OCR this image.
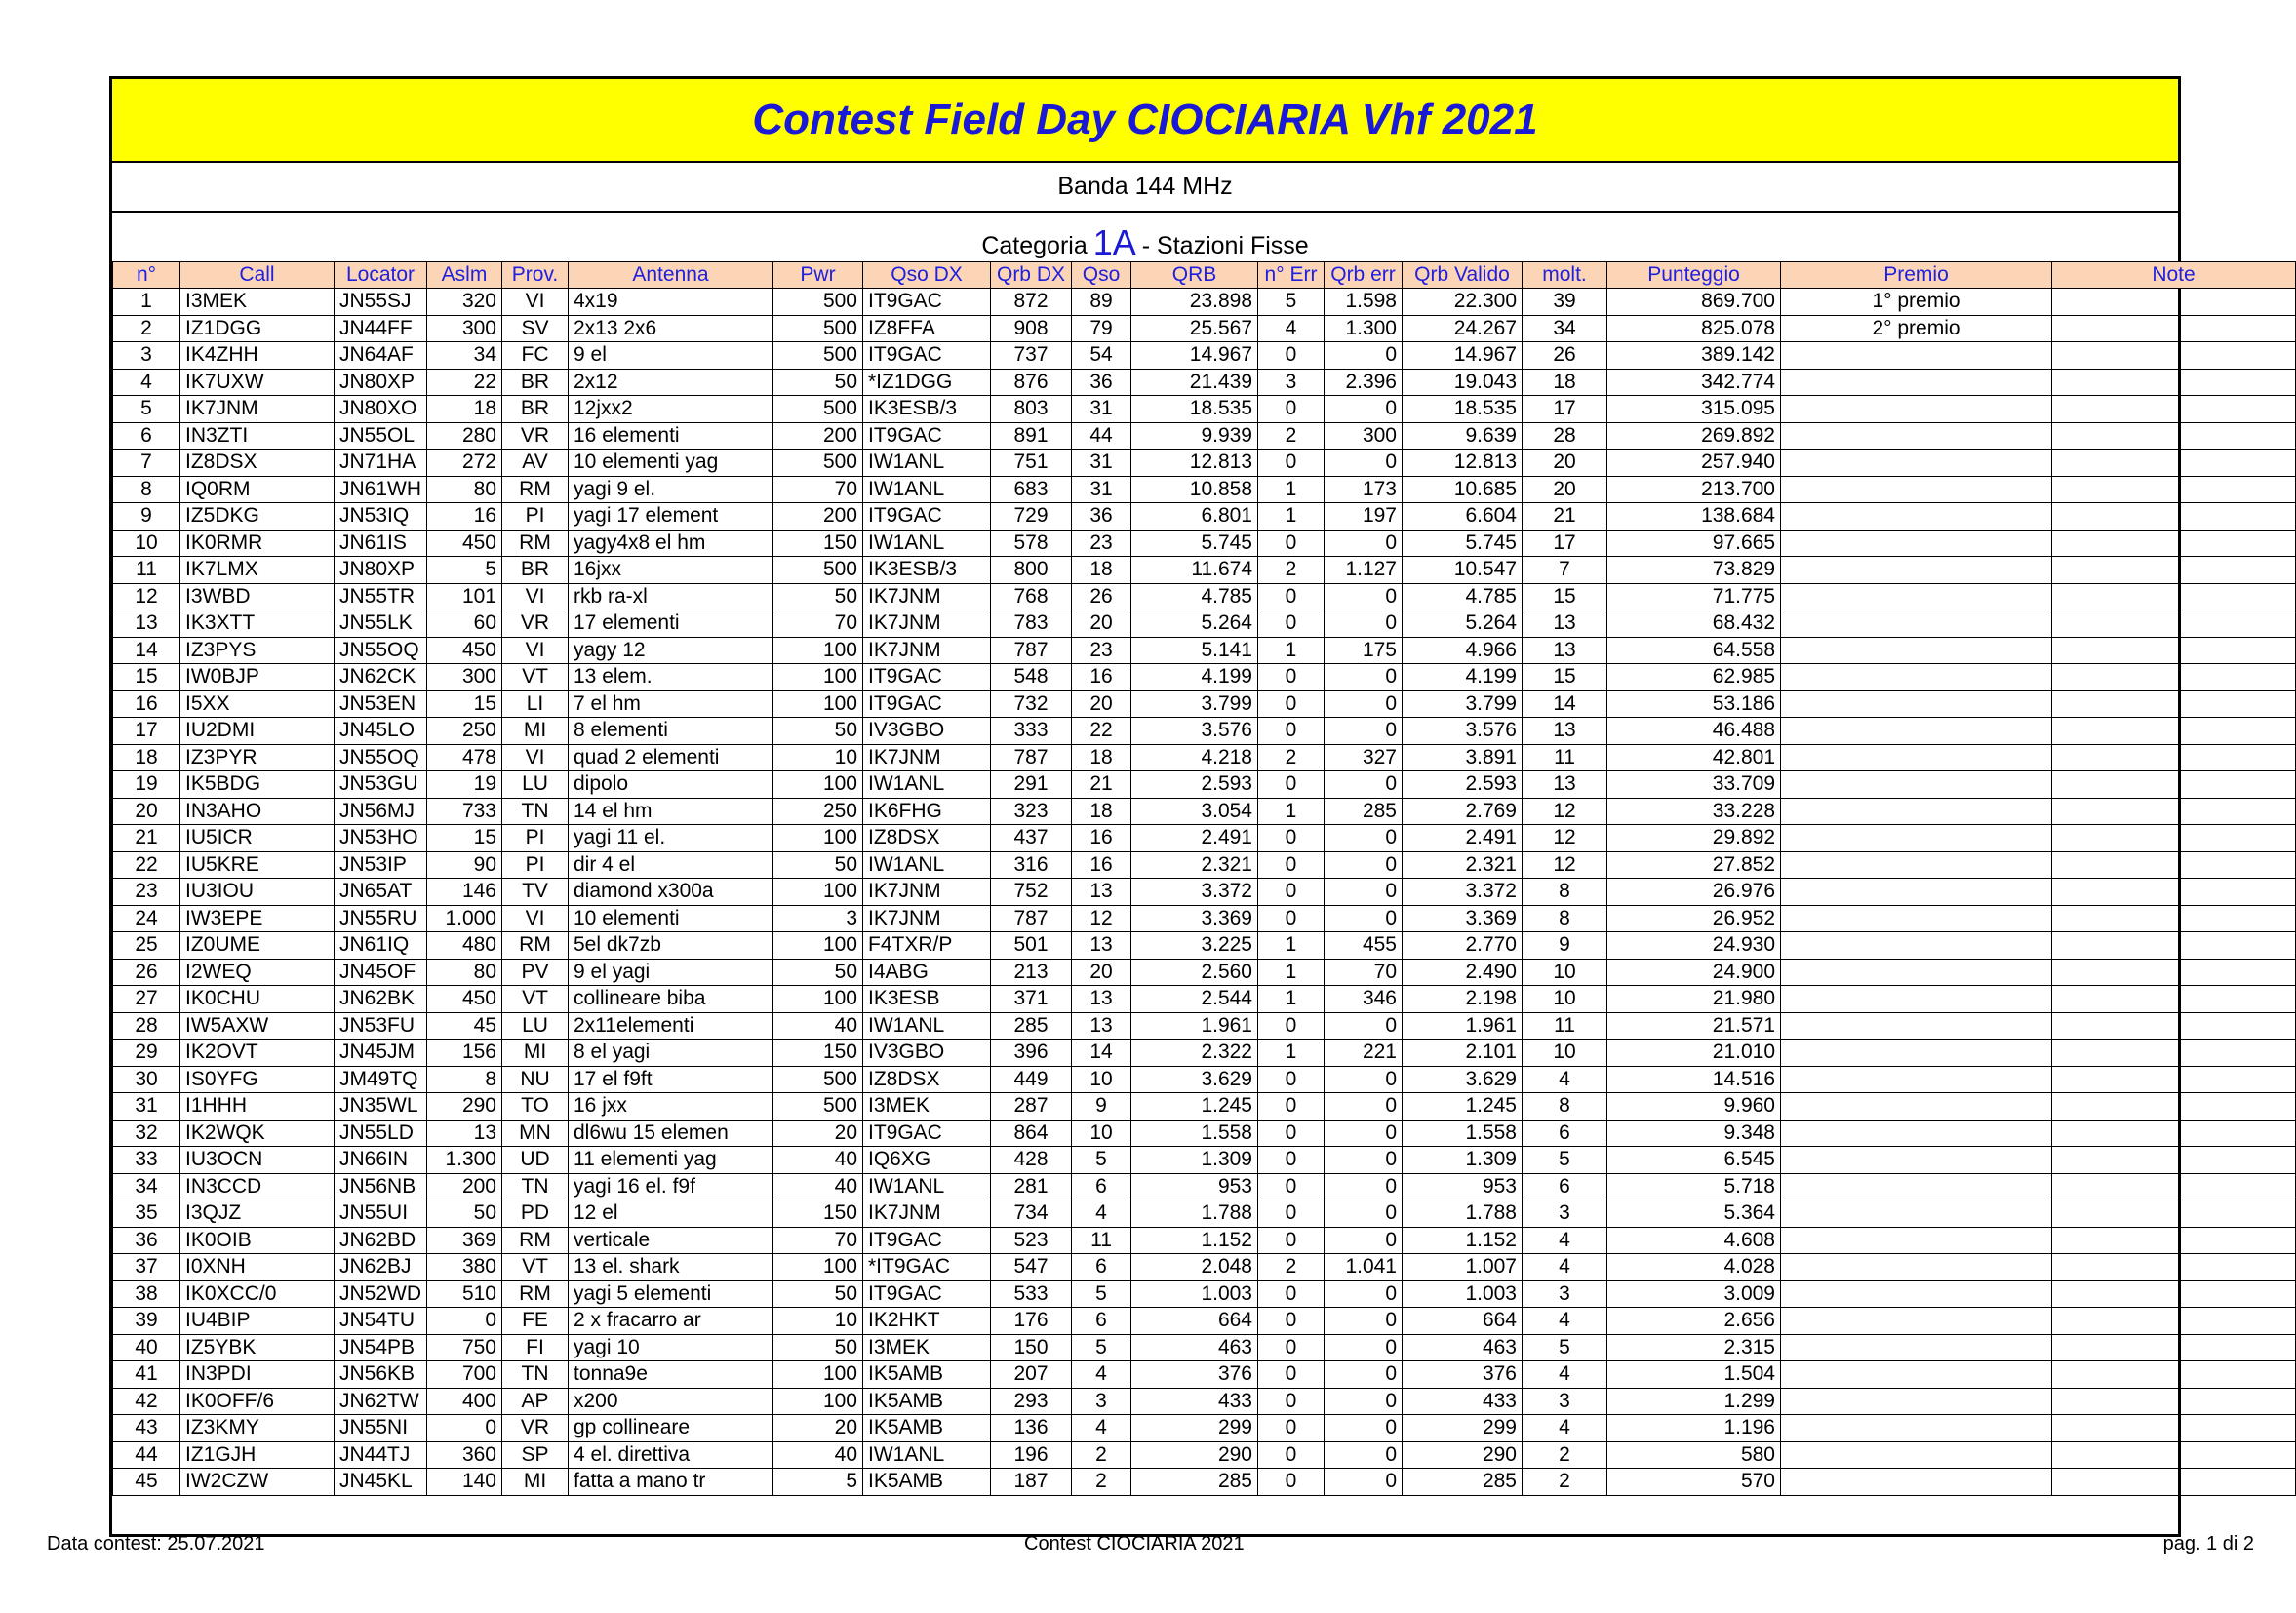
Contest Field Day CIOCIARIA Vhf 2021
Banda 144 MHz
Categoria 1A - Stazioni Fisse
n°	Call	Locator	Aslm	Prov.	Antenna	Pwr	Qso DX	Qrb DX	Qso	QRB	n° Err	Qrb err	Qrb Valido	molt.	Punteggio	Premio	Note
1	I3MEK	JN55SJ	320	VI	4x19	500	IT9GAC	872	89	23.898	5	1.598	22.300	39	869.700	1° premio	
2	IZ1DGG	JN44FF	300	SV	2x13 2x6	500	IZ8FFA	908	79	25.567	4	1.300	24.267	34	825.078	2° premio	
3	IK4ZHH	JN64AF	34	FC	9 el	500	IT9GAC	737	54	14.967	0	0	14.967	26	389.142		
4	IK7UXW	JN80XP	22	BR	2x12	50	*IZ1DGG	876	36	21.439	3	2.396	19.043	18	342.774		
5	IK7JNM	JN80XO	18	BR	12jxx2	500	IK3ESB/3	803	31	18.535	0	0	18.535	17	315.095		
6	IN3ZTI	JN55OL	280	VR	16 elementi	200	IT9GAC	891	44	9.939	2	300	9.639	28	269.892		
7	IZ8DSX	JN71HA	272	AV	10 elementi yag	500	IW1ANL	751	31	12.813	0	0	12.813	20	257.940		
8	IQ0RM	JN61WH	80	RM	yagi 9 el.	70	IW1ANL	683	31	10.858	1	173	10.685	20	213.700		
9	IZ5DKG	JN53IQ	16	PI	yagi 17 element	200	IT9GAC	729	36	6.801	1	197	6.604	21	138.684		
10	IK0RMR	JN61IS	450	RM	yagy4x8 el hm	150	IW1ANL	578	23	5.745	0	0	5.745	17	97.665		
11	IK7LMX	JN80XP	5	BR	16jxx	500	IK3ESB/3	800	18	11.674	2	1.127	10.547	7	73.829		
12	I3WBD	JN55TR	101	VI	rkb ra-xl	50	IK7JNM	768	26	4.785	0	0	4.785	15	71.775		
13	IK3XTT	JN55LK	60	VR	17 elementi	70	IK7JNM	783	20	5.264	0	0	5.264	13	68.432		
14	IZ3PYS	JN55OQ	450	VI	yagy 12	100	IK7JNM	787	23	5.141	1	175	4.966	13	64.558		
15	IW0BJP	JN62CK	300	VT	13 elem.	100	IT9GAC	548	16	4.199	0	0	4.199	15	62.985		
16	I5XX	JN53EN	15	LI	7 el hm	100	IT9GAC	732	20	3.799	0	0	3.799	14	53.186		
17	IU2DMI	JN45LO	250	MI	8 elementi	50	IV3GBO	333	22	3.576	0	0	3.576	13	46.488		
18	IZ3PYR	JN55OQ	478	VI	quad 2 elementi	10	IK7JNM	787	18	4.218	2	327	3.891	11	42.801		
19	IK5BDG	JN53GU	19	LU	dipolo	100	IW1ANL	291	21	2.593	0	0	2.593	13	33.709		
20	IN3AHO	JN56MJ	733	TN	14 el hm	250	IK6FHG	323	18	3.054	1	285	2.769	12	33.228		
21	IU5ICR	JN53HO	15	PI	yagi 11 el.	100	IZ8DSX	437	16	2.491	0	0	2.491	12	29.892		
22	IU5KRE	JN53IP	90	PI	dir 4 el	50	IW1ANL	316	16	2.321	0	0	2.321	12	27.852		
23	IU3IOU	JN65AT	146	TV	diamond x300a	100	IK7JNM	752	13	3.372	0	0	3.372	8	26.976		
24	IW3EPE	JN55RU	1.000	VI	10 elementi	3	IK7JNM	787	12	3.369	0	0	3.369	8	26.952		
25	IZ0UME	JN61IQ	480	RM	5el dk7zb	100	F4TXR/P	501	13	3.225	1	455	2.770	9	24.930		
26	I2WEQ	JN45OF	80	PV	9 el yagi	50	I4ABG	213	20	2.560	1	70	2.490	10	24.900		
27	IK0CHU	JN62BK	450	VT	collineare biba	100	IK3ESB	371	13	2.544	1	346	2.198	10	21.980		
28	IW5AXW	JN53FU	45	LU	2x11elementi	40	IW1ANL	285	13	1.961	0	0	1.961	11	21.571		
29	IK2OVT	JN45JM	156	MI	8 el yagi	150	IV3GBO	396	14	2.322	1	221	2.101	10	21.010		
30	IS0YFG	JM49TQ	8	NU	17 el f9ft	500	IZ8DSX	449	10	3.629	0	0	3.629	4	14.516		
31	I1HHH	JN35WL	290	TO	16 jxx	500	I3MEK	287	9	1.245	0	0	1.245	8	9.960		
32	IK2WQK	JN55LD	13	MN	dl6wu 15 elemen	20	IT9GAC	864	10	1.558	0	0	1.558	6	9.348		
33	IU3OCN	JN66IN	1.300	UD	11 elementi yag	40	IQ6XG	428	5	1.309	0	0	1.309	5	6.545		
34	IN3CCD	JN56NB	200	TN	yagi 16 el. f9f	40	IW1ANL	281	6	953	0	0	953	6	5.718		
35	I3QJZ	JN55UI	50	PD	12 el	150	IK7JNM	734	4	1.788	0	0	1.788	3	5.364		
36	IK0OIB	JN62BD	369	RM	verticale	70	IT9GAC	523	11	1.152	0	0	1.152	4	4.608		
37	I0XNH	JN62BJ	380	VT	13 el. shark	100	*IT9GAC	547	6	2.048	2	1.041	1.007	4	4.028		
38	IK0XCC/0	JN52WD	510	RM	yagi 5 elementi	50	IT9GAC	533	5	1.003	0	0	1.003	3	3.009		
39	IU4BIP	JN54TU	0	FE	2 x fracarro ar	10	IK2HKT	176	6	664	0	0	664	4	2.656		
40	IZ5YBK	JN54PB	750	FI	yagi 10	50	I3MEK	150	5	463	0	0	463	5	2.315		
41	IN3PDI	JN56KB	700	TN	tonna9e	100	IK5AMB	207	4	376	0	0	376	4	1.504		
42	IK0OFF/6	JN62TW	400	AP	x200	100	IK5AMB	293	3	433	0	0	433	3	1.299		
43	IZ3KMY	JN55NI	0	VR	gp collineare	20	IK5AMB	136	4	299	0	0	299	4	1.196		
44	IZ1GJH	JN44TJ	360	SP	4 el. direttiva	40	IW1ANL	196	2	290	0	0	290	2	580		
45	IW2CZW	JN45KL	140	MI	fatta a mano tr	5	IK5AMB	187	2	285	0	0	285	2	570		
Data contest: 25.07.2021	Contest CIOCIARIA 2021	pag. 1 di 2
